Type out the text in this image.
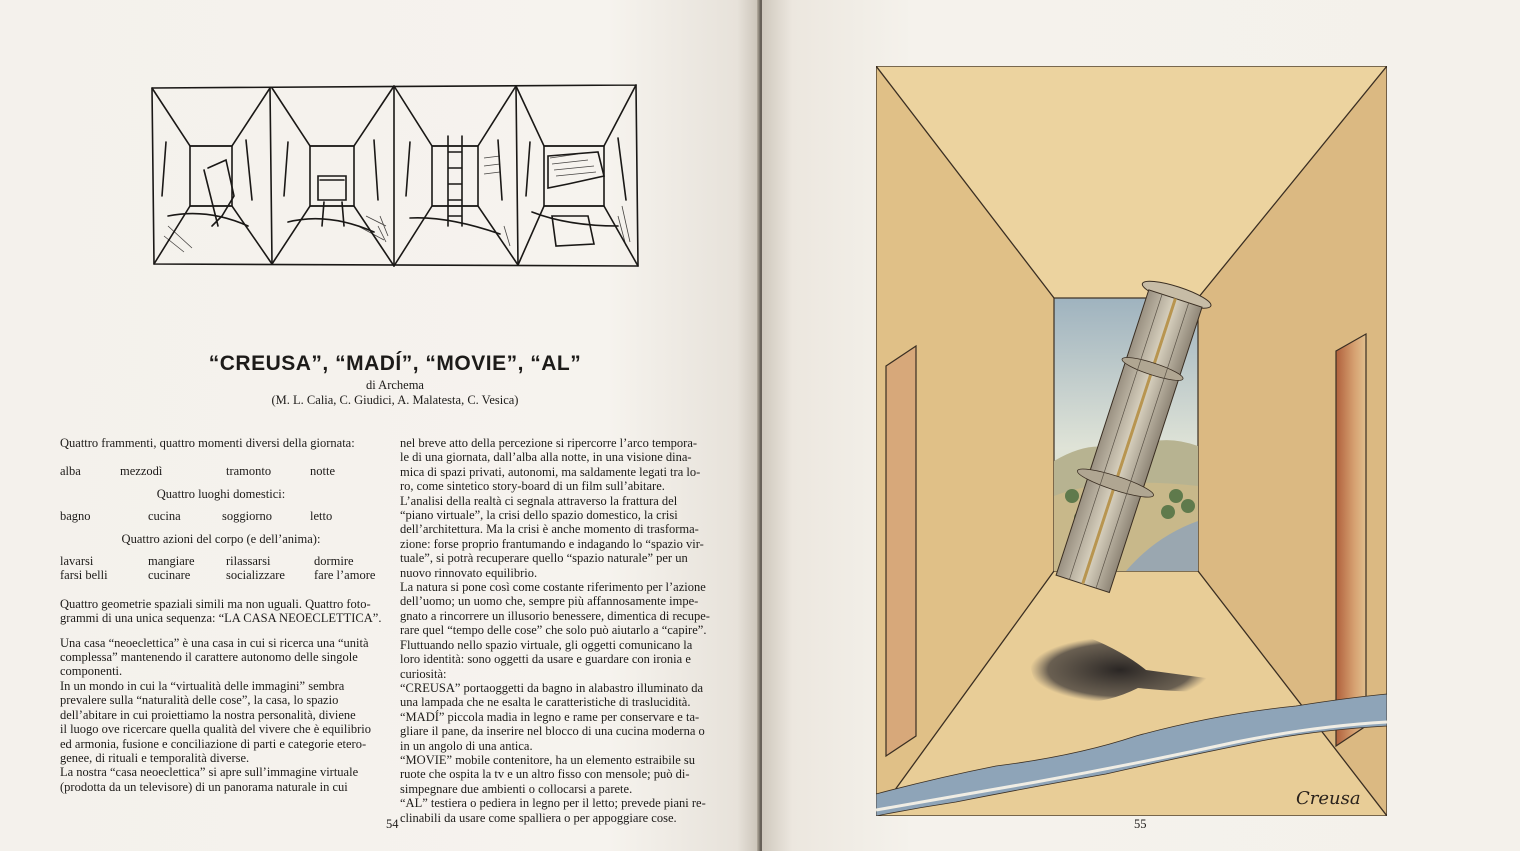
“CREUSA”, “MADÍ”, “MOVIE”, “AL”
di Archema
(M. L. Calia, C. Giudici, A. Malatesta, C. Vesica)

Quattro frammenti, quattro momenti diversi della giornata:

alba	mezzodì	tramonto	notte

Quattro luoghi domestici:

bagno	cucina	soggiorno	letto

Quattro azioni del corpo (e dell’anima):

lavarsi	mangiare	rilassarsi	dormire
farsi belli	cucinare	socializzare	fare l’amore

Quattro geometrie spaziali simili ma non uguali. Quattro foto-

grammi di una unica sequenza: “LA CASA NEOECLETTICA”.

Una casa “neoeclettica” è una casa in cui si ricerca una “unità

complessa” mantenendo il carattere autonomo delle singole

componenti.

In un mondo in cui la “virtualità delle immagini” sembra

prevalere sulla “naturalità delle cose”, la casa, lo spazio

dell’abitare in cui proiettiamo la nostra personalità, diviene

il luogo ove ricercare quella qualità del vivere che è equilibrio

ed armonia, fusione e conciliazione di parti e categorie etero-

genee, di rituali e temporalità diverse.

La nostra “casa neoeclettica” si apre sull’immagine virtuale

(prodotta da un televisore) di un panorama naturale in cui

nel breve atto della percezione si ripercorre l’arco tempora-

le di una giornata, dall’alba alla notte, in una visione dina-

mica di spazi privati, autonomi, ma saldamente legati tra lo-

ro, come sintetico story-board di un film sull’abitare.

L’analisi della realtà ci segnala attraverso la frattura del

“piano virtuale”, la crisi dello spazio domestico, la crisi

dell’architettura. Ma la crisi è anche momento di trasforma-

zione: forse proprio frantumando e indagando lo “spazio vir-

tuale”, si potrà recuperare quello “spazio naturale” per un

nuovo rinnovato equilibrio.

La natura si pone così come costante riferimento per l’azione

dell’uomo; un uomo che, sempre più affannosamente impe-

gnato a rincorrere un illusorio benessere, dimentica di recupe-

rare quel “tempo delle cose” che solo può aiutarlo a “capire”.

Fluttuando nello spazio virtuale, gli oggetti comunicano la

loro identità: sono oggetti da usare e guardare con ironia e

curiosità:

“CREUSA” portaoggetti da bagno in alabastro illuminato da

una lampada che ne esalta le caratteristiche di traslucidità.

“MADÍ” piccola madia in legno e rame per conservare e ta-

gliare il pane, da inserire nel blocco di una cucina moderna o

in un angolo di una antica.

“MOVIE” mobile contenitore, ha un elemento estraibile su

ruote che ospita la tv e un altro fisso con mensole; può di-

simpegnare due ambienti o collocarsi a parete.

“AL” testiera o pediera in legno per il letto; prevede piani re-

clinabili da usare come spalliera o per appoggiare cose.

54	55
Creusa
